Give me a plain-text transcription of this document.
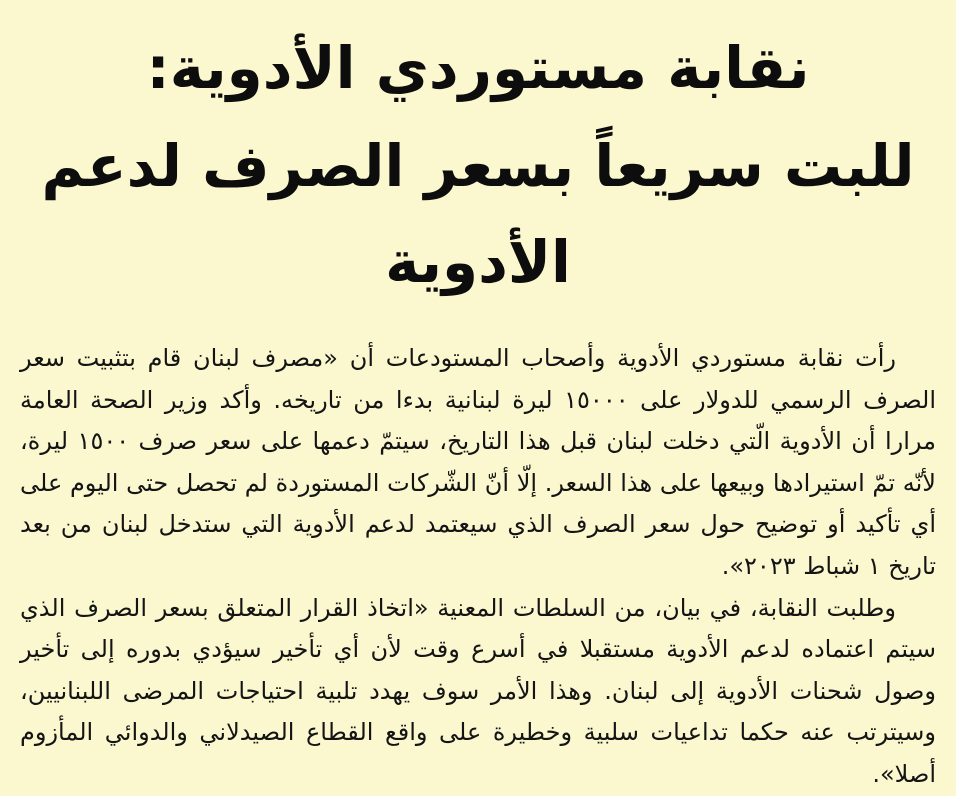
نقابة مستوردي الأدوية:
للبت سريعاً بسعر الصرف لدعم الأدوية

رأت نقابة مستوردي الأدوية وأصحاب المستودعات أن «مصرف لبنان قام بتثبيت سعر الصرف الرسمي للدولار على ١٥٠٠٠ ليرة لبنانية بدءا من تاريخه. وأكد وزير الصحة العامة مرارا أن الأدوية الّتي دخلت لبنان قبل هذا التاريخ، سيتمّ دعمها على سعر صرف ١٥٠٠ ليرة، لأنّه تمّ استيرادها وبيعها على هذا السعر. إلّا أنّ الشّركات المستوردة لم تحصل حتى اليوم على أي تأكيد أو توضيح حول سعر الصرف الذي سيعتمد لدعم الأدوية التي ستدخل لبنان من بعد تاريخ ١ شباط ٢٠٢٣».

وطلبت النقابة، في بيان، من السلطات المعنية «اتخاذ القرار المتعلق بسعر الصرف الذي سيتم اعتماده لدعم الأدوية مستقبلا في أسرع وقت لأن أي تأخير سيؤدي بدوره إلى تأخير وصول شحنات الأدوية إلى لبنان. وهذا الأمر سوف يهدد تلبية احتياجات المرضى اللبنانيين، وسيترتب عنه حكما تداعيات سلبية وخطيرة على واقع القطاع الصيدلاني والدوائي المأزوم أصلا».
